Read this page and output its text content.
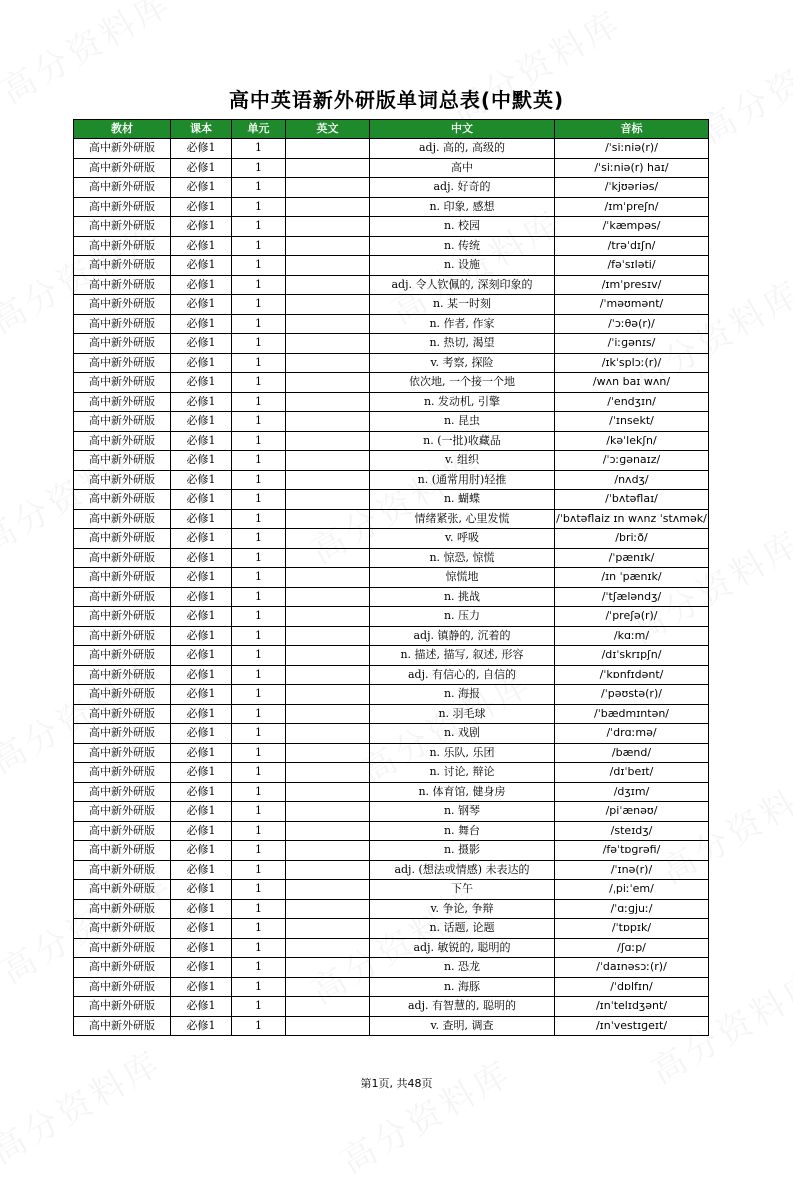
高中英语新外研版单词总表(中默英)
教材	课本	单元	英文	中文	音标
高中新外研版	必修1	1		adj. 高的, 高级的	/ˈsiːniə(r)/
高中新外研版	必修1	1		高中	/ˈsiːniə(r) haɪ/
高中新外研版	必修1	1		adj. 好奇的	/ˈkjʊəriəs/
高中新外研版	必修1	1		n. 印象, 感想	/ɪmˈpreʃn/
高中新外研版	必修1	1		n. 校园	/ˈkæmpəs/
高中新外研版	必修1	1		n. 传统	/trəˈdɪʃn/
高中新外研版	必修1	1		n. 设施	/fəˈsɪləti/
高中新外研版	必修1	1		adj. 令人钦佩的, 深刻印象的	/ɪmˈpresɪv/
高中新外研版	必修1	1		n. 某一时刻	/ˈməʊmənt/
高中新外研版	必修1	1		n. 作者, 作家	/ˈɔːθə(r)/
高中新外研版	必修1	1		n. 热切, 渴望	/ˈiːɡənɪs/
高中新外研版	必修1	1		v. 考察, 探险	/ɪkˈsplɔː(r)/
高中新外研版	必修1	1		依次地, 一个接一个地	/wʌn baɪ wʌn/
高中新外研版	必修1	1		n. 发动机, 引擎	/ˈendʒɪn/
高中新外研版	必修1	1		n. 昆虫	/ˈɪnsekt/
高中新外研版	必修1	1		n. (一批)收藏品	/kəˈlekʃn/
高中新外研版	必修1	1		v. 组织	/ˈɔːɡənaɪz/
高中新外研版	必修1	1		n. (通常用肘)轻推	/nʌdʒ/
高中新外研版	必修1	1		n. 蝴蝶	/ˈbʌtəflaɪ/
高中新外研版	必修1	1		情绪紧张, 心里发慌	/ˈbʌtəflaiz ɪn wʌnz ˈstʌmək/
高中新外研版	必修1	1		v. 呼吸	/briːð/
高中新外研版	必修1	1		n. 惊恐, 惊慌	/ˈpænɪk/
高中新外研版	必修1	1		惊慌地	/ɪn ˈpænɪk/
高中新外研版	必修1	1		n. 挑战	/ˈtʃæləndʒ/
高中新外研版	必修1	1		n. 压力	/ˈpreʃə(r)/
高中新外研版	必修1	1		adj. 镇静的, 沉着的	/kɑːm/
高中新外研版	必修1	1		n. 描述, 描写, 叙述, 形容	/dɪˈskrɪpʃn/
高中新外研版	必修1	1		adj. 有信心的, 自信的	/ˈkɒnfɪdənt/
高中新外研版	必修1	1		n. 海报	/ˈpəʊstə(r)/
高中新外研版	必修1	1		n. 羽毛球	/ˈbædmɪntən/
高中新外研版	必修1	1		n. 戏剧	/ˈdrɑːmə/
高中新外研版	必修1	1		n. 乐队, 乐团	/bænd/
高中新外研版	必修1	1		n. 讨论, 辩论	/dɪˈbeɪt/
高中新外研版	必修1	1		n. 体育馆, 健身房	/dʒɪm/
高中新外研版	必修1	1		n. 钢琴	/piˈænəʊ/
高中新外研版	必修1	1		n. 舞台	/steɪdʒ/
高中新外研版	必修1	1		n. 摄影	/fəˈtɒɡrəfi/
高中新外研版	必修1	1		adj. (想法或情感) 未表达的	/ˈɪnə(r)/
高中新外研版	必修1	1		下午	/ˌpiːˈem/
高中新外研版	必修1	1		v. 争论, 争辩	/ˈɑːɡjuː/
高中新外研版	必修1	1		n. 话题, 论题	/ˈtɒpɪk/
高中新外研版	必修1	1		adj. 敏锐的, 聪明的	/ʃɑːp/
高中新外研版	必修1	1		n. 恐龙	/ˈdaɪnəsɔː(r)/
高中新外研版	必修1	1		n. 海豚	/ˈdɒlfɪn/
高中新外研版	必修1	1		adj. 有智慧的, 聪明的	/ɪnˈtelɪdʒənt/
高中新外研版	必修1	1		v. 查明, 调查	/ɪnˈvestɪɡeɪt/
第1页, 共48页
